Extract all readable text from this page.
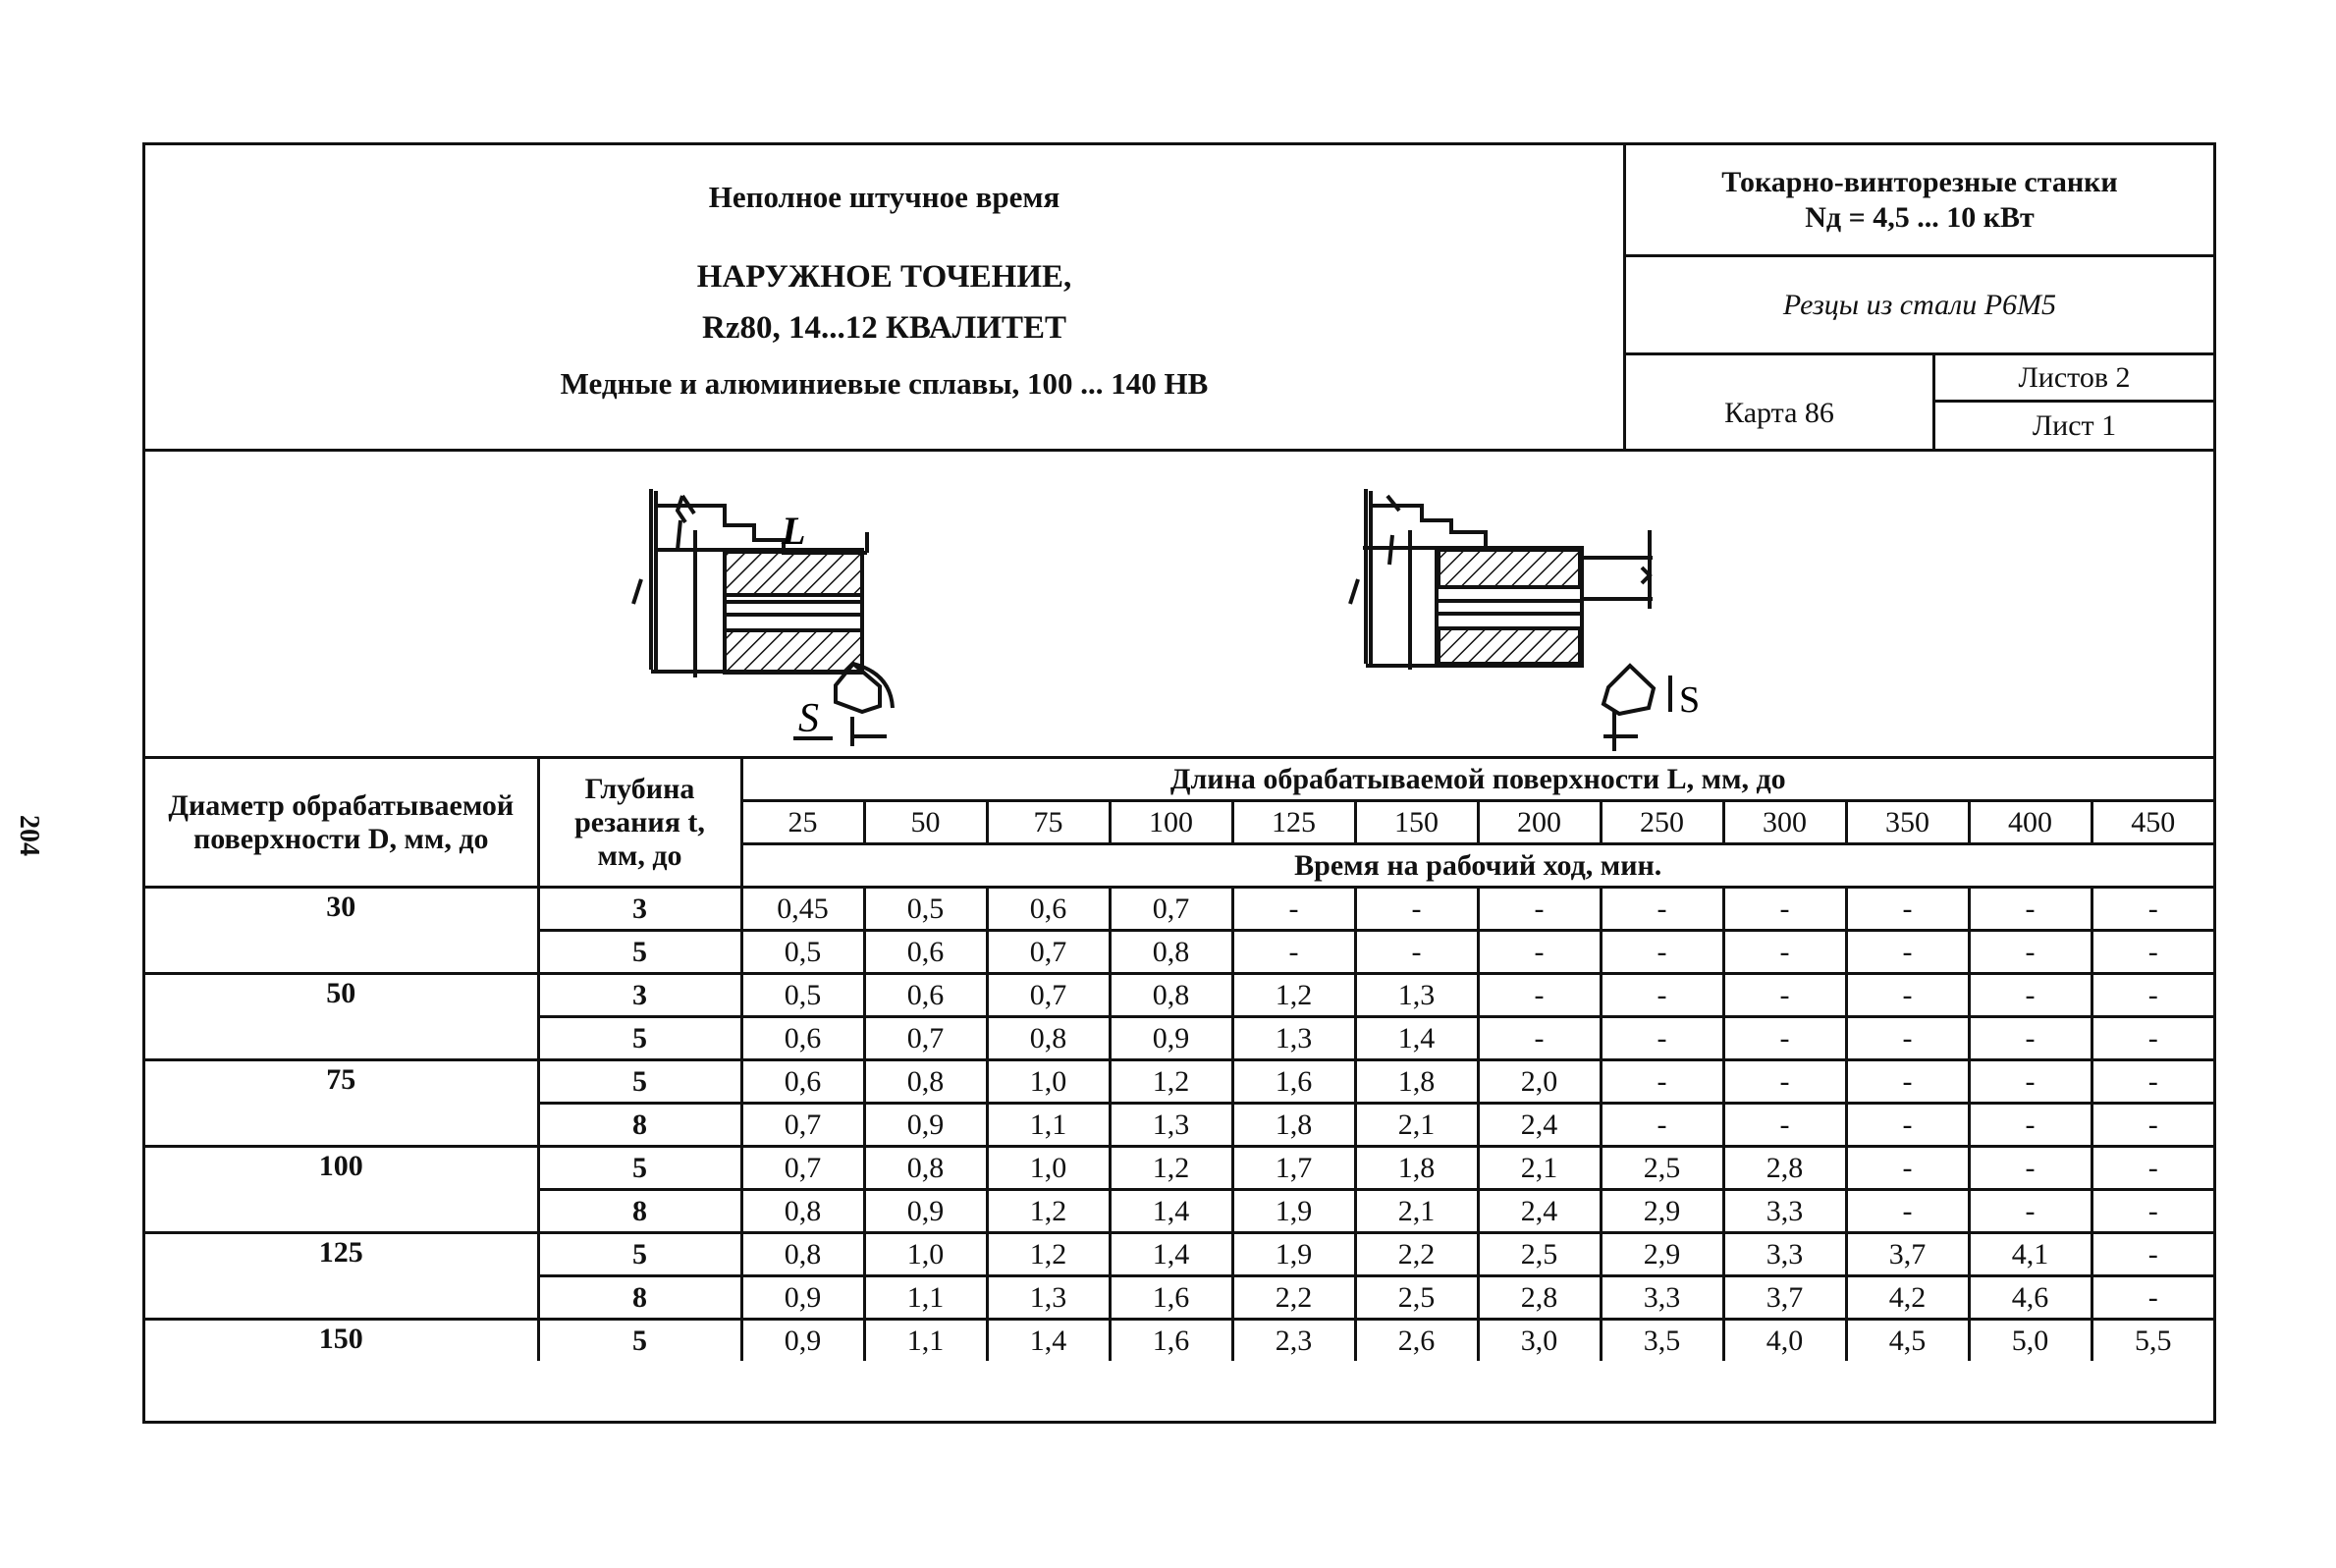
204
Неполное штучное время
НАРУЖНОЕ ТОЧЕНИЕ,
Rz80, 14...12 КВАЛИТЕТ
Медные и алюминиевые сплавы, 100 ... 140 НВ
Токарно-винторезные станки
Nд = 4,5 ... 10 кВт
Резцы из стали Р6М5
Карта 86
Листов 2
Лист 1
L
S	S
Диаметр обрабатываемой поверхности D, мм, до	Глубина резания t, мм, до	Длина обрабатываемой поверхности L, мм, до											
		25	50	75	100	125	150	200	250	300	350	400	450
		Время на рабочий ход, мин.											
30	3	0,45	0,5	0,6	0,7	-	-	-	-	-	-	-	-
	5	0,5	0,6	0,7	0,8	-	-	-	-	-	-	-	-
50	3	0,5	0,6	0,7	0,8	1,2	1,3	-	-	-	-	-	-
	5	0,6	0,7	0,8	0,9	1,3	1,4	-	-	-	-	-	-
75	5	0,6	0,8	1,0	1,2	1,6	1,8	2,0	-	-	-	-	-
	8	0,7	0,9	1,1	1,3	1,8	2,1	2,4	-	-	-	-	-
100	5	0,7	0,8	1,0	1,2	1,7	1,8	2,1	2,5	2,8	-	-	-
	8	0,8	0,9	1,2	1,4	1,9	2,1	2,4	2,9	3,3	-	-	-
125	5	0,8	1,0	1,2	1,4	1,9	2,2	2,5	2,9	3,3	3,7	4,1	-
	8	0,9	1,1	1,3	1,6	2,2	2,5	2,8	3,3	3,7	4,2	4,6	-
150	5	0,9	1,1	1,4	1,6	2,3	2,6	3,0	3,5	4,0	4,5	5,0	5,5
